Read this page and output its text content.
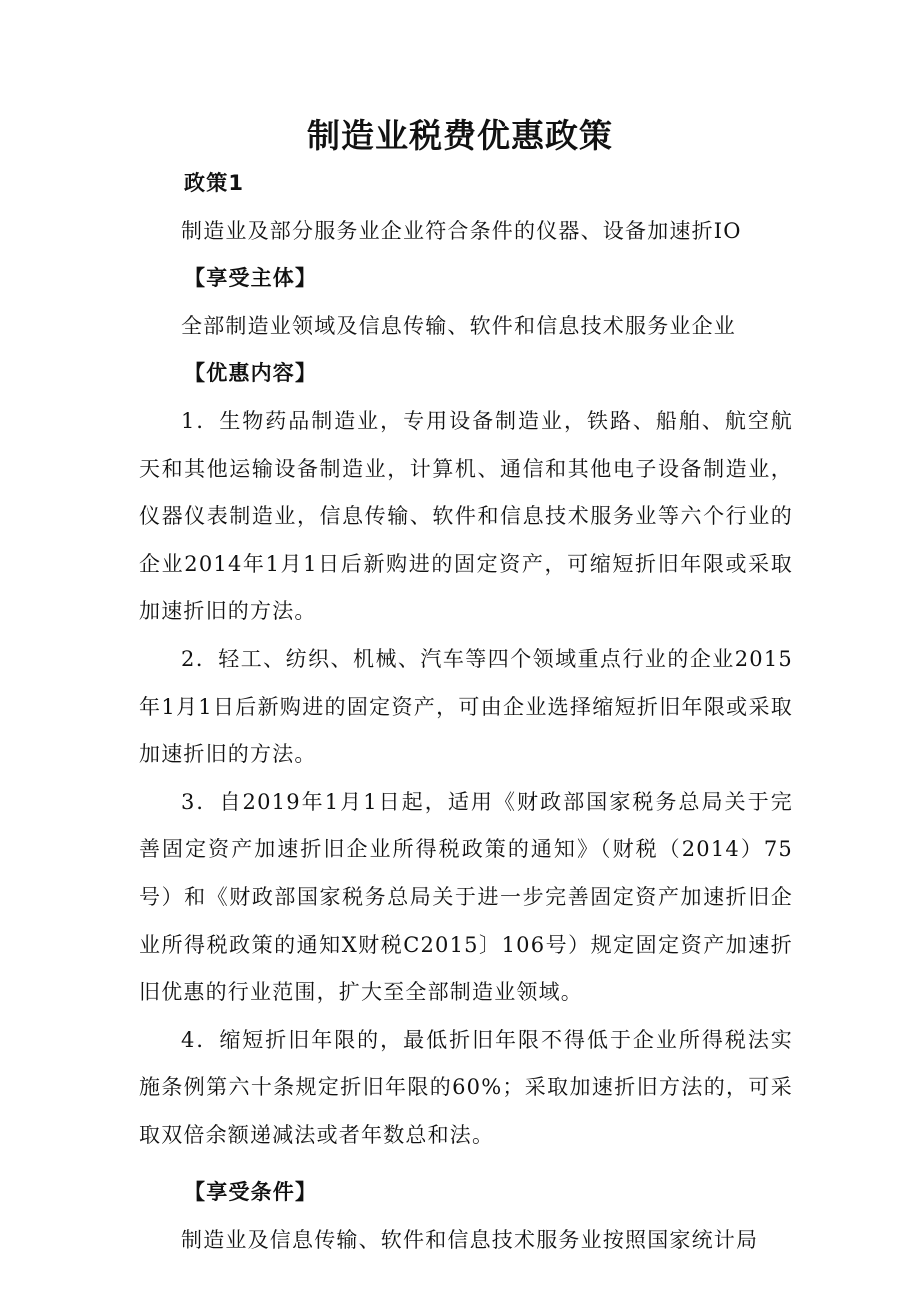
制造业税费优惠政策

政策1

制造业及部分服务业企业符合条件的仪器、设备加速折IO

【享受主体】

全部制造业领域及信息传输、软件和信息技术服务业企业

【优惠内容】

1．生物药品制造业，专用设备制造业，铁路、船舶、航空航天和其他运输设备制造业，计算机、通信和其他电子设备制造业，仪器仪表制造业，信息传输、软件和信息技术服务业等六个行业的企业2014年1月1日后新购进的固定资产，可缩短折旧年限或采取加速折旧的方法。

2．轻工、纺织、机械、汽车等四个领域重点行业的企业2015年1月1日后新购进的固定资产，可由企业选择缩短折旧年限或采取加速折旧的方法。

3．自2019年1月1日起，适用《财政部国家税务总局关于完善固定资产加速折旧企业所得税政策的通知》（财税（2014）75号）和《财政部国家税务总局关于进一步完善固定资产加速折旧企业所得税政策的通知X财税C2015〕106号）规定固定资产加速折旧优惠的行业范围，扩大至全部制造业领域。

4．缩短折旧年限的，最低折旧年限不得低于企业所得税法实施条例第六十条规定折旧年限的60%；采取加速折旧方法的，可采取双倍余额递减法或者年数总和法。

【享受条件】

制造业及信息传输、软件和信息技术服务业按照国家统计局
